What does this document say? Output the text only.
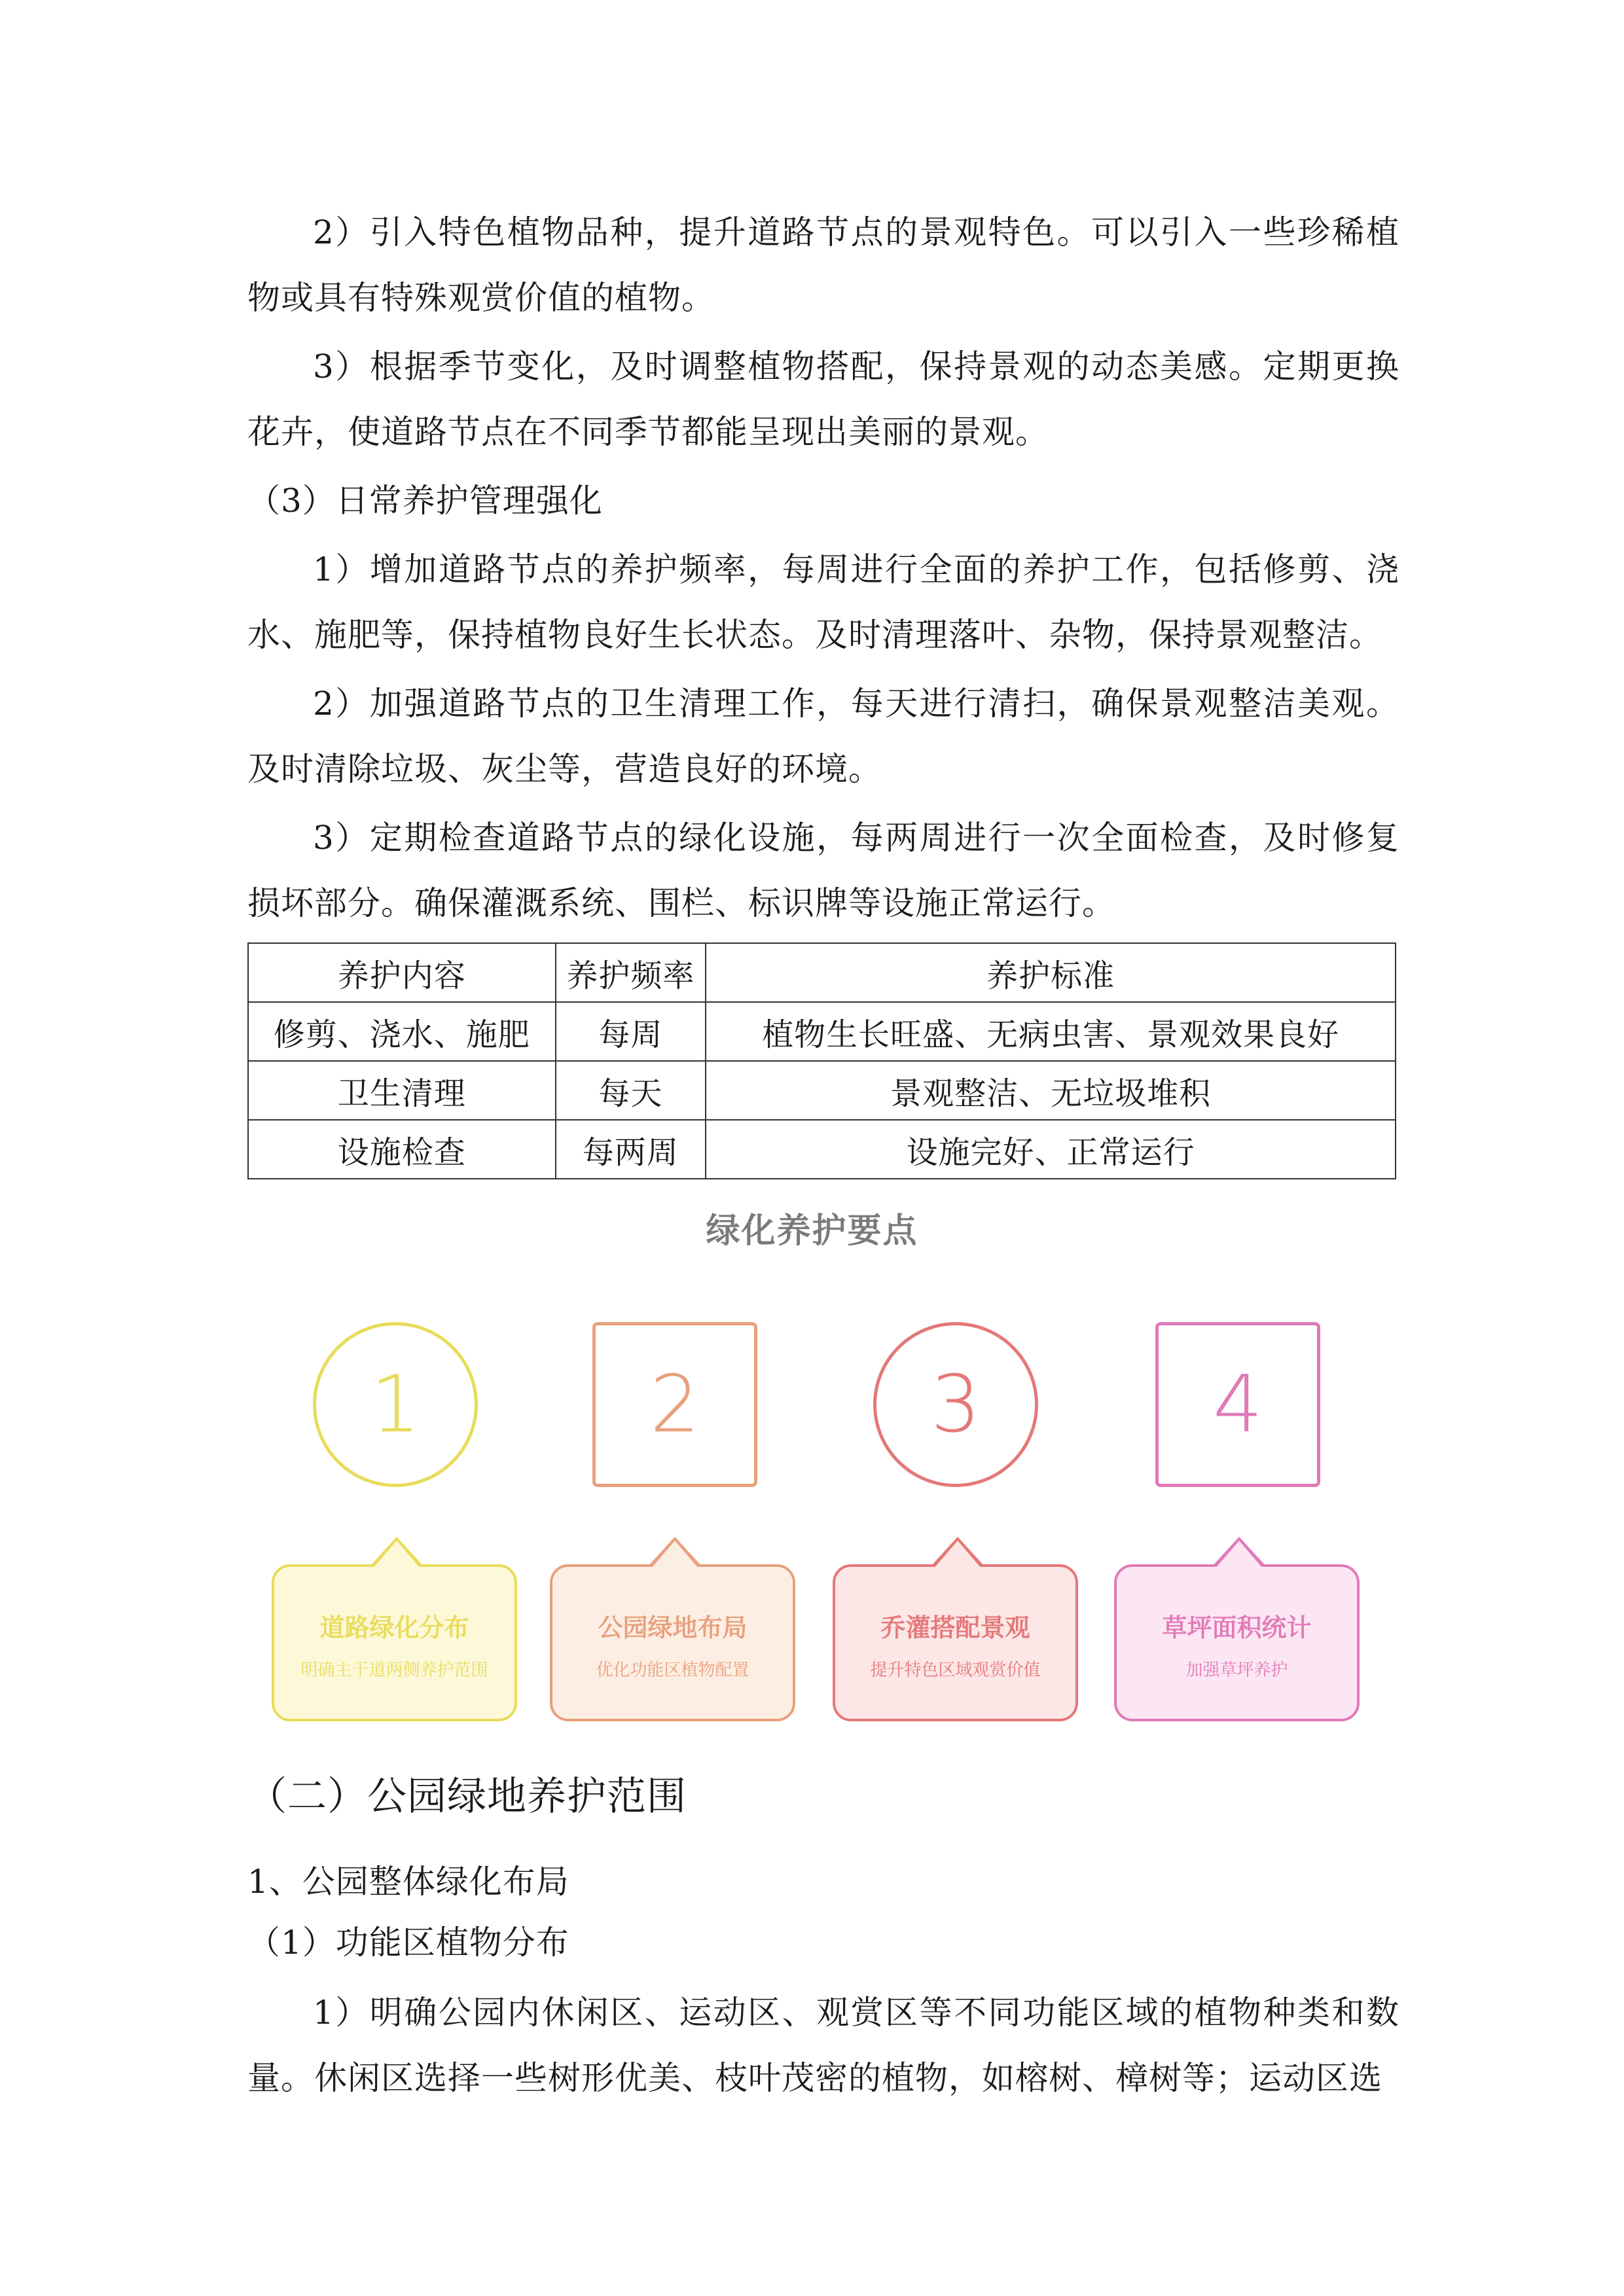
2）引入特色植物品种，提升道路节点的景观特色。可以引入一些珍稀植物或具有特殊观赏价值的植物。

3）根据季节变化，及时调整植物搭配，保持景观的动态美感。定期更换花卉，使道路节点在不同季节都能呈现出美丽的景观。

（3）日常养护管理强化

1）增加道路节点的养护频率，每周进行全面的养护工作，包括修剪、浇水、施肥等，保持植物良好生长状态。及时清理落叶、杂物，保持景观整洁。

2）加强道路节点的卫生清理工作，每天进行清扫，确保景观整洁美观。及时清除垃圾、灰尘等，营造良好的环境。

3）定期检查道路节点的绿化设施，每两周进行一次全面检查，及时修复损坏部分。确保灌溉系统、围栏、标识牌等设施正常运行。

养护内容	养护频率	养护标准
修剪、浇水、施肥	每周	植物生长旺盛、无病虫害、景观效果良好
卫生清理	每天	景观整洁、无垃圾堆积
设施检查	每两周	设施完好、正常运行
绿化养护要点
1
道路绿化分布
明确主干道两侧养护范围
2
公园绿地布局
优化功能区植物配置
3
乔灌搭配景观
提升特色区域观赏价值
4
草坪面积统计
加强草坪养护

（二）公园绿地养护范围

1、公园整体绿化布局

（1）功能区植物分布

1）明确公园内休闲区、运动区、观赏区等不同功能区域的植物种类和数量。休闲区选择一些树形优美、枝叶茂密的植物，如榕树、樟树等；运动区选
